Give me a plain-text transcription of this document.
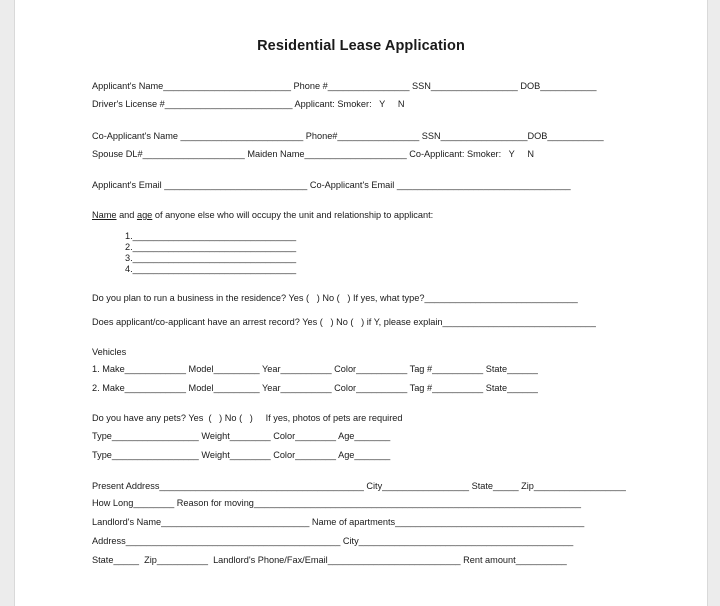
Residential Lease Application
Applicant's Name_________________________ Phone #________________ SSN_________________ DOB___________
Driver's License #_________________________ Applicant: Smoker:   Y     N
Co-Applicant's Name ________________________ Phone#________________ SSN_________________DOB___________
Spouse DL#____________________ Maiden Name____________________ Co-Applicant: Smoker:   Y     N
Applicant's Email ____________________________ Co-Applicant's Email __________________________________
Name and age of anyone else who will occupy the unit and relationship to applicant:
1.________________________________
2.________________________________
3.________________________________
4.________________________________
Do you plan to run a business in the residence? Yes (   ) No (   ) If yes, what type?______________________________
Does applicant/co-applicant have an arrest record? Yes (   ) No (   ) if Y, please explain______________________________
Vehicles
1. Make____________ Model_________ Year__________ Color__________ Tag #__________ State______
2. Make____________ Model_________ Year__________ Color__________ Tag #__________ State______
Do you have any pets? Yes  (   ) No (   )     If yes, photos of pets are required
Type_________________ Weight________ Color________ Age_______
Type_________________ Weight________ Color________ Age_______
Present Address________________________________________ City_________________ State_____ Zip__________________
How Long________ Reason for moving________________________________________________________________
Landlord's Name_____________________________ Name of apartments_____________________________________
Address__________________________________________ City__________________________________________
State_____  Zip__________  Landlord's Phone/Fax/Email__________________________ Rent amount__________
